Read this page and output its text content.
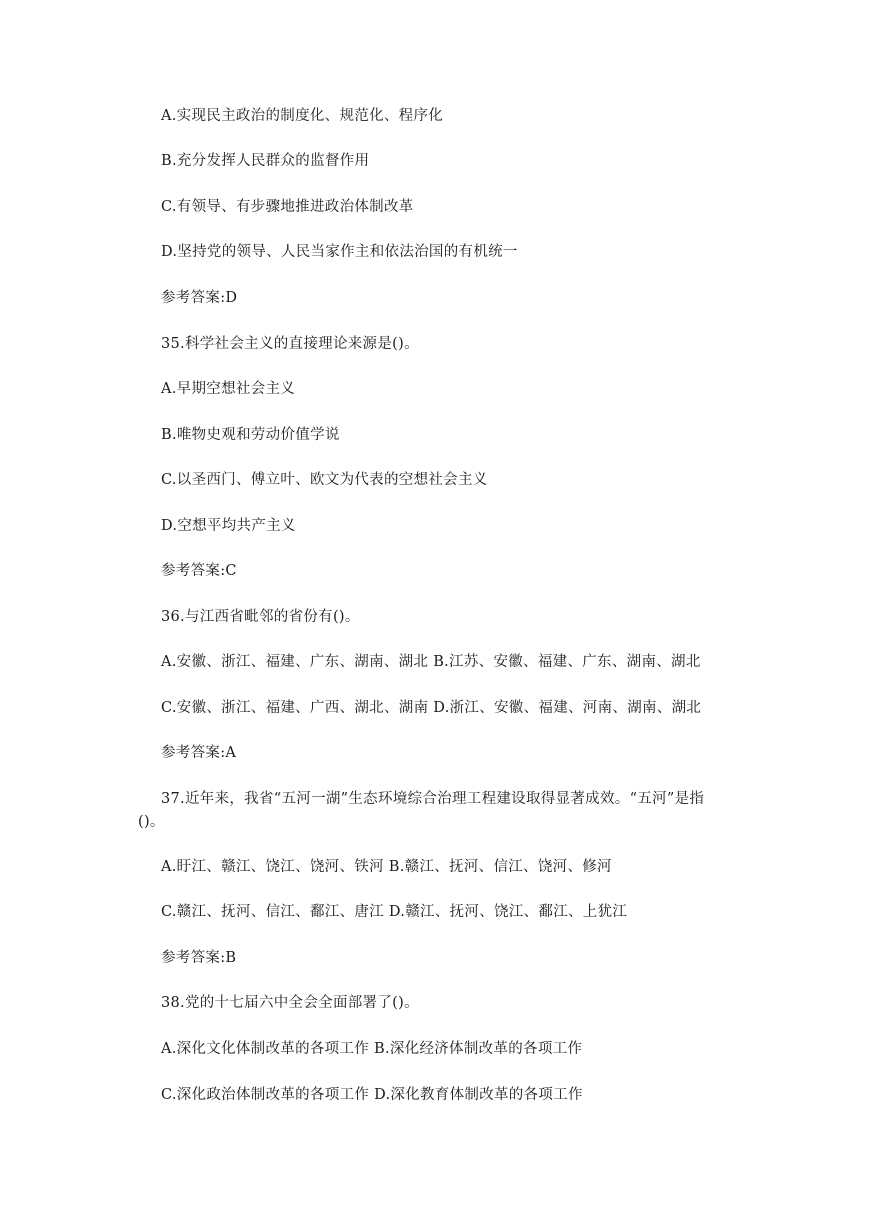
A.实现民主政治的制度化、规范化、程序化

B.充分发挥人民群众的监督作用

C.有领导、有步骤地推进政治体制改革

D.坚持党的领导、人民当家作主和依法治国的有机统一

参考答案:D

35.科学社会主义的直接理论来源是()。

A.早期空想社会主义

B.唯物史观和劳动价值学说

C.以圣西门、傅立叶、欧文为代表的空想社会主义

D.空想平均共产主义

参考答案:C

36.与江西省毗邻的省份有()。

A.安徽、浙江、福建、广东、湖南、湖北 B.江苏、安徽、福建、广东、湖南、湖北

C.安徽、浙江、福建、广西、湖北、湖南 D.浙江、安徽、福建、河南、湖南、湖北

参考答案:A

37.近年来，我省“五河一湖”生态环境综合治理工程建设取得显著成效。“五河”是指

()。

A.盱江、赣江、饶江、饶河、铁河 B.赣江、抚河、信江、饶河、修河

C.赣江、抚河、信江、鄱江、唐江 D.赣江、抚河、饶江、鄱江、上犹江

参考答案:B

38.党的十七届六中全会全面部署了()。

A.深化文化体制改革的各项工作 B.深化经济体制改革的各项工作

C.深化政治体制改革的各项工作 D.深化教育体制改革的各项工作
